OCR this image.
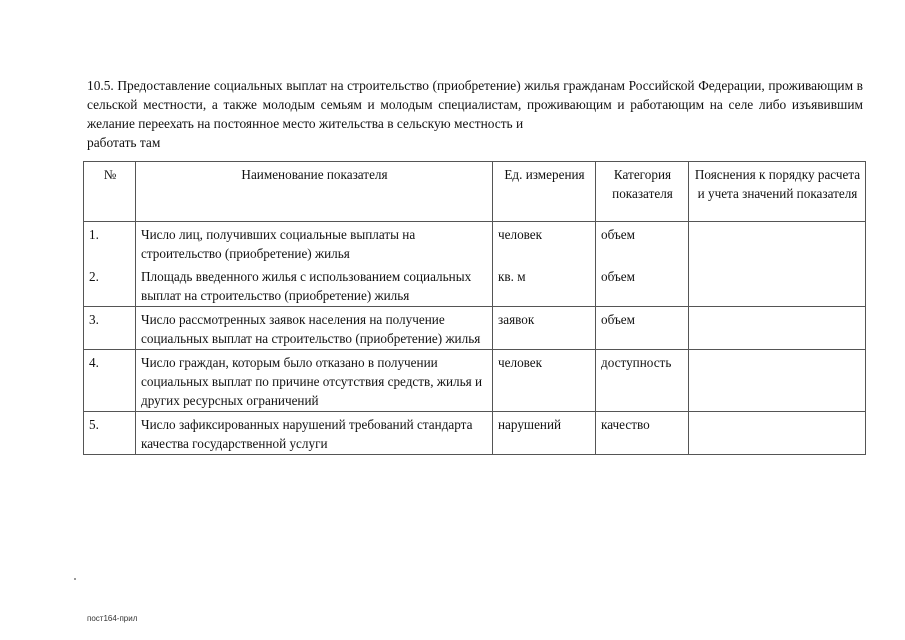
10.5. Предоставление социальных выплат на строительство (приобретение) жилья гражданам Российской Федерации, проживающим в сельской местности, а также молодым семьям и молодым специалистам, проживающим и работающим на селе либо изъявившим желание переехать на постоянное место жительства в сельскую местность и
работать там
№	Наименование показателя	Ед. измерения	Категория показателя	Пояснения к порядку расчета и учета значений показателя
1.	Число лиц, получивших социальные выплаты на строительство (приобретение) жилья	человек	объем	
2.	Площадь введенного жилья с использованием социальных выплат на строительство (приобретение) жилья	кв. м	объем	
3.	Число рассмотренных заявок населения на получение социальных выплат на строительство (приобретение) жилья	заявок	объем	
4.	Число граждан, которым было отказано в получении социальных выплат по причине отсутствия средств, жилья и других ресурсных ограничений	человек	доступность	
5.	Число зафиксированных нарушений требований стандарта качества государственной услуги	нарушений	качество	
пост164-прил
